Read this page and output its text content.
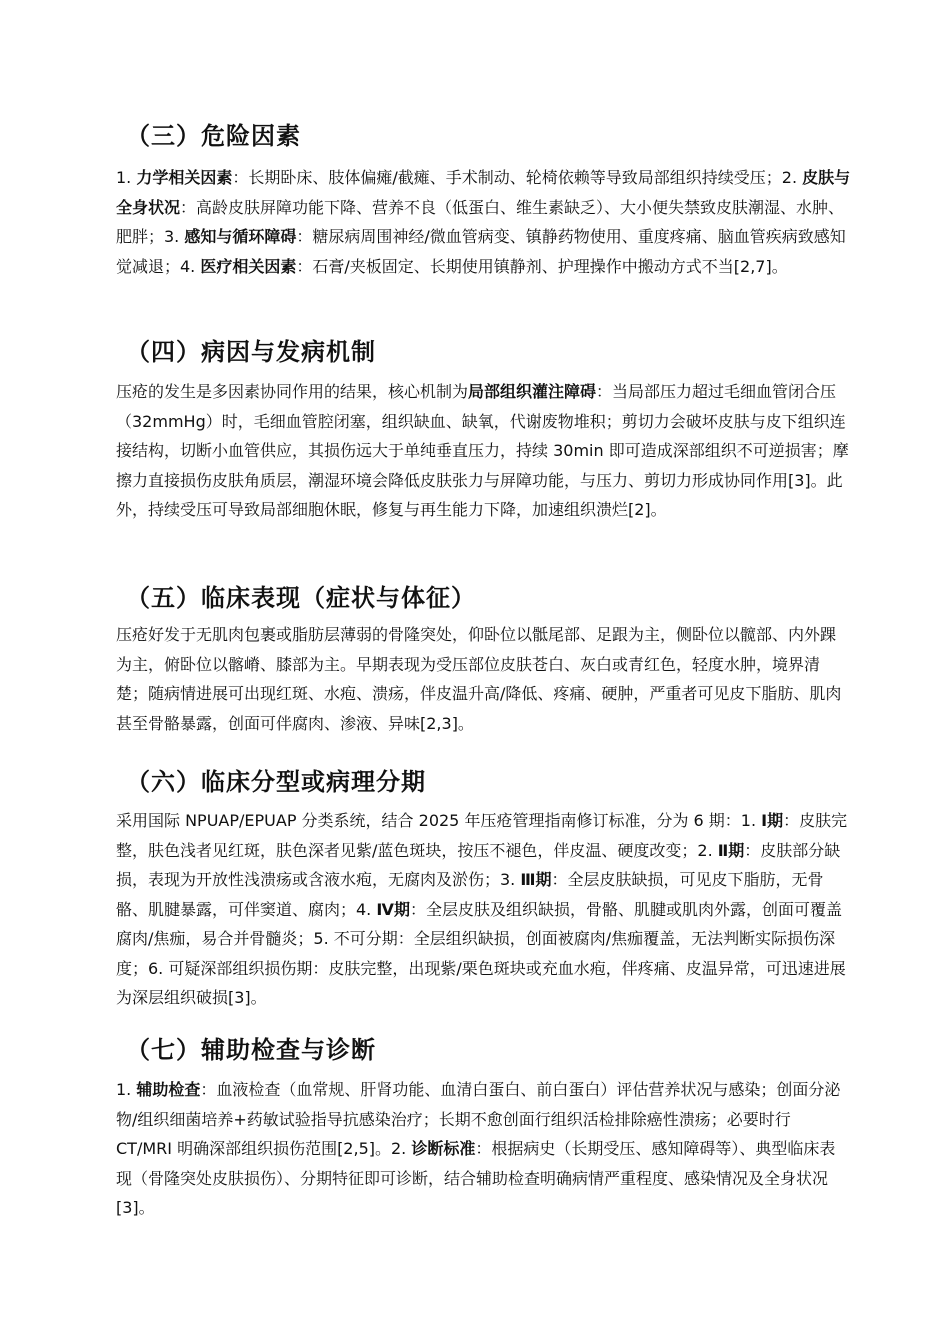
（三）危险因素

1. 力学相关因素：长期卧床、肢体偏瘫/截瘫、手术制动、轮椅依赖等导致局部组织持续受压；2. 皮肤与全身状况：高龄皮肤屏障功能下降、营养不良（低蛋白、维生素缺乏）、大小便失禁致皮肤潮湿、水肿、肥胖；3. 感知与循环障碍：糖尿病周围神经/微血管病变、镇静药物使用、重度疼痛、脑血管疾病致感知觉减退；4. 医疗相关因素：石膏/夹板固定、长期使用镇静剂、护理操作中搬动方式不当[2,7]。

（四）病因与发病机制

压疮的发生是多因素协同作用的结果，核心机制为局部组织灌注障碍：当局部压力超过毛细血管闭合压（32mmHg）时，毛细血管腔闭塞，组织缺血、缺氧，代谢废物堆积；剪切力会破坏皮肤与皮下组织连接结构，切断小血管供应，其损伤远大于单纯垂直压力，持续 30min 即可造成深部组织不可逆损害；摩擦力直接损伤皮肤角质层，潮湿环境会降低皮肤张力与屏障功能，与压力、剪切力形成协同作用[3]。此外，持续受压可导致局部细胞休眠，修复与再生能力下降，加速组织溃烂[2]。

（五）临床表现（症状与体征）

压疮好发于无肌肉包裹或脂肪层薄弱的骨隆突处，仰卧位以骶尾部、足跟为主，侧卧位以髋部、内外踝为主，俯卧位以髂嵴、膝部为主。早期表现为受压部位皮肤苍白、灰白或青红色，轻度水肿，境界清楚；随病情进展可出现红斑、水疱、溃疡，伴皮温升高/降低、疼痛、硬肿，严重者可见皮下脂肪、肌肉甚至骨骼暴露，创面可伴腐肉、渗液、异味[2,3]。

（六）临床分型或病理分期

采用国际 NPUAP/EPUAP 分类系统，结合 2025 年压疮管理指南修订标准，分为 6 期：1. Ⅰ期：皮肤完整，肤色浅者见红斑，肤色深者见紫/蓝色斑块，按压不褪色，伴皮温、硬度改变；2. Ⅱ期：皮肤部分缺损，表现为开放性浅溃疡或含液水疱，无腐肉及淤伤；3. Ⅲ期：全层皮肤缺损，可见皮下脂肪，无骨骼、肌腱暴露，可伴窦道、腐肉；4. Ⅳ期：全层皮肤及组织缺损，骨骼、肌腱或肌肉外露，创面可覆盖腐肉/焦痂，易合并骨髓炎；5. 不可分期：全层组织缺损，创面被腐肉/焦痂覆盖，无法判断实际损伤深度；6. 可疑深部组织损伤期：皮肤完整，出现紫/栗色斑块或充血水疱，伴疼痛、皮温异常，可迅速进展为深层组织破损[3]。

（七）辅助检查与诊断

1. 辅助检查：血液检查（血常规、肝肾功能、血清白蛋白、前白蛋白）评估营养状况与感染；创面分泌物/组织细菌培养+药敏试验指导抗感染治疗；长期不愈创面行组织活检排除癌性溃疡；必要时行 CT/MRI 明确深部组织损伤范围[2,5]。2. 诊断标准：根据病史（长期受压、感知障碍等）、典型临床表现（骨隆突处皮肤损伤）、分期特征即可诊断，结合辅助检查明确病情严重程度、感染情况及全身状况[3]。
